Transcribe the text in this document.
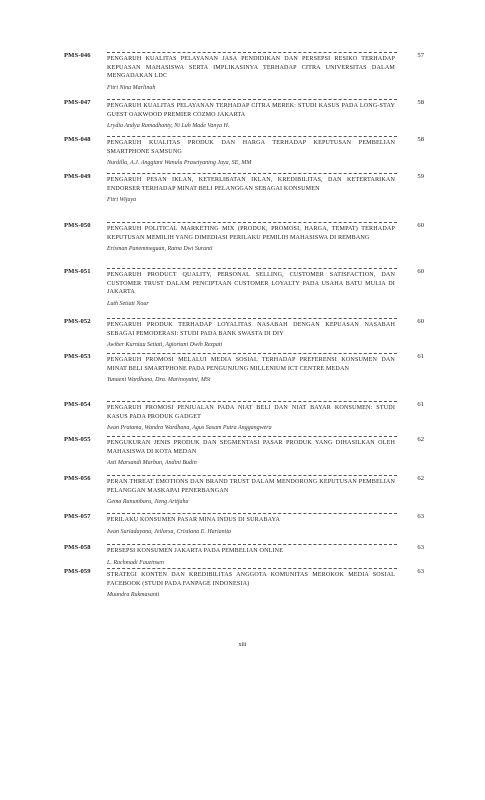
PMS-046	PENGARUH KUALITAS PELAYANAN JASA PENDIDIKAN DAN PERSEPSI RESIKO TERHADAP KEPUASAN MAHASISWA SERTA IMPLIKASINYA TERHADAP CITRA UNIVERSITAS DALAM MENGADAKAN LDC
Fitri Nina Marlinah
57
PMS-047	PENGARUH KUALITAS PELAYANAN TERHADAP CITRA MEREK: STUDI KASUS PADA LONG-STAY GUEST OAKWOOD PREMIER COZMO JAKARTA
Lrydia Andya Ramadhanty, Ni Luh Made Vanya H.
58
PMS-048	PENGARUH KUALITAS PRODUK DAN HARGA TERHADAP KEPUTUSAN PEMBELIAN SMARTPHONE SAMSUNG
Nurdilla, A.J. Anggiani Wanulu Prasetyaning Jaya, SE, MM
58
PMS-049	PENGARUH PESAN IKLAN, KETERLIBATAN IKLAN, KREDIBILITAS, DAN KETERTARIKAN ENDORSER TERHADAP MINAT BELI PELANGGAN SEBAGAI KONSUMEN
Fitri Wijaya
59
PMS-050	PENGARUH POLITICAL MARKETING MIX (PRODUK, PROMOSI, HARGA, TEMPAT) TERHADAP KEPUTUSAN MEMILIH YANG DIMEDIASI PERILAKU PEMILIH MAHASISWA DI REMBANG
Erisman Panemmeguan, Ratna Dwi Suranti
60
PMS-051	PENGARUH PRODUCT QUALITY, PERSONAL SELLING, CUSTOMER SATISFACTION, DAN CUSTOMER TRUST DALAM PENCIPTAAN CUSTOMER LOYALTY PADA USAHA BATU MULIA DI JAKARTA
Luth Setiati Nour
60
PMS-052	PENGARUH PRODUK TERHADAP LOYALITAS NASABAH DENGAN KEPUASAN NASABAH SEBAGAI PEMODERASI: STUDI PADA BANK SWASTA DI DIY
Awiber Kurniau Setiati, Agiortani Dwih Rezpati
60
PMS-053	PENGARUH PROMOSI MELALUI MEDIA SOSIAL TERHADAP PREFERENSI KONSUMEN DAN MINAT BELI SMARTPHONE PADA PENGUNJUNG MILLENIUM ICT CENTRE MEDAN
Yunaeni Wardhana, Dra. Marinoyatni, MSi
61
PMS-054	PENGARUH PROMOSI PENJUALAN PADA NIAT BELI DAN NIAT BAYAR KONSUMEN: STUDI KASUS PADA PRODUK GADGET
Iwan Pratama, Wandra Wardhana, Agus Sasam Putra Anggangwera
61
PMS-055	PENGUKURAN JENIS PRODUK DAN SEGMENTASI PASAR PRODUK YANG DIHASILKAN OLEH MAHASISWA DI KOTA MEDAN
Asti Marsandi Marbun, Andini Budin
62
PMS-056	PERAN THREAT EMOTIONS DAN BRAND TRUST DALAM MENDORONG KEPUTUSAN PEMBELIAN PELANGGAN MASKAPAI PENERBANGAN
Gema Ranumbara, Jieng Aritjaha
62
PMS-057	PERILAKU KONSUMEN PASAR MINA INDUS DI SURABAYA
Iwan Suriadayana, Jeilarsa, Cristiana E. Harianita
63
PMS-058	PERSEPSI KONSUMEN JAKARTA PADA PEMBELIAN ONLINE
L. Rachmadi Fauzinsen
63
PMS-059	STRATEGI KONTEN DAN KREDIBILITAS ANGGOTA KOMUNITAS MEROKOK MEDIA SOSIAL FACEBOOK (STUDI PADA FANPAGE INDONESIA)
Muandra Rukmasanti
63
xiii
